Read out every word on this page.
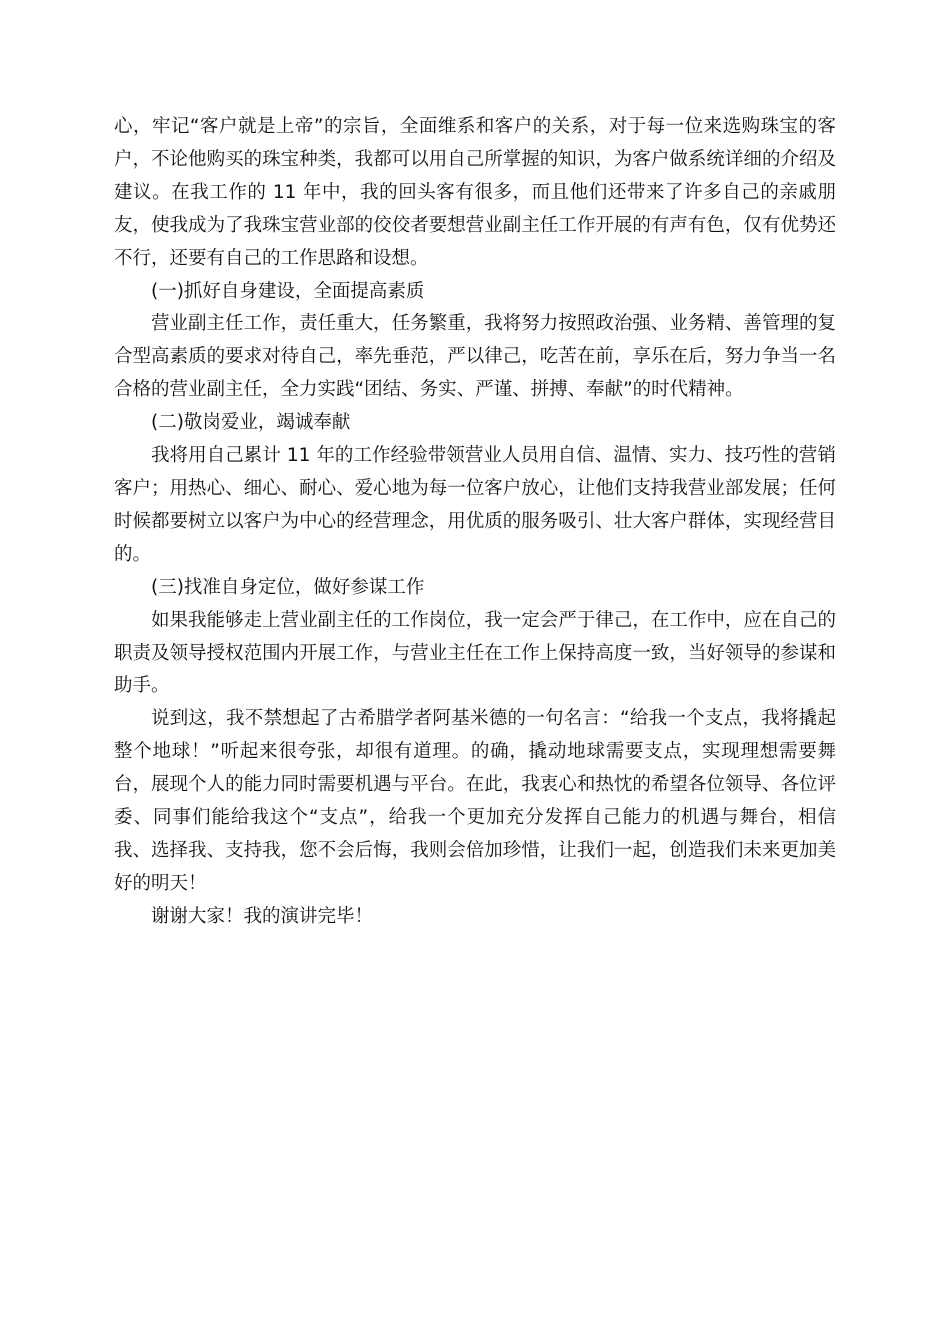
心，牢记“客户就是上帝”的宗旨，全面维系和客户的关系，对于每一位来选购珠宝的客户，不论他购买的珠宝种类，我都可以用自己所掌握的知识，为客户做系统详细的介绍及建议。在我工作的 11 年中，我的回头客有很多，而且他们还带来了许多自己的亲戚朋友，使我成为了我珠宝营业部的佼佼者要想营业副主任工作开展的有声有色，仅有优势还不行，还要有自己的工作思路和设想。

(一)抓好自身建设，全面提高素质

营业副主任工作，责任重大，任务繁重，我将努力按照政治强、业务精、善管理的复合型高素质的要求对待自己，率先垂范，严以律己，吃苦在前，享乐在后，努力争当一名合格的营业副主任，全力实践“团结、务实、严谨、拼搏、奉献”的时代精神。

(二)敬岗爱业，竭诚奉献

我将用自己累计 11 年的工作经验带领营业人员用自信、温情、实力、技巧性的营销客户；用热心、细心、耐心、爱心地为每一位客户放心，让他们支持我营业部发展；任何时候都要树立以客户为中心的经营理念，用优质的服务吸引、壮大客户群体，实现经营目的。

(三)找准自身定位，做好参谋工作

如果我能够走上营业副主任的工作岗位，我一定会严于律己，在工作中，应在自己的职责及领导授权范围内开展工作，与营业主任在工作上保持高度一致，当好领导的参谋和助手。

说到这，我不禁想起了古希腊学者阿基米德的一句名言：“给我一个支点，我将撬起整个地球！”听起来很夸张，却很有道理。的确，撬动地球需要支点，实现理想需要舞台，展现个人的能力同时需要机遇与平台。在此，我衷心和热忱的希望各位领导、各位评委、同事们能给我这个“支点”，给我一个更加充分发挥自己能力的机遇与舞台，相信我、选择我、支持我，您不会后悔，我则会倍加珍惜，让我们一起，创造我们未来更加美好的明天！

谢谢大家！我的演讲完毕！
